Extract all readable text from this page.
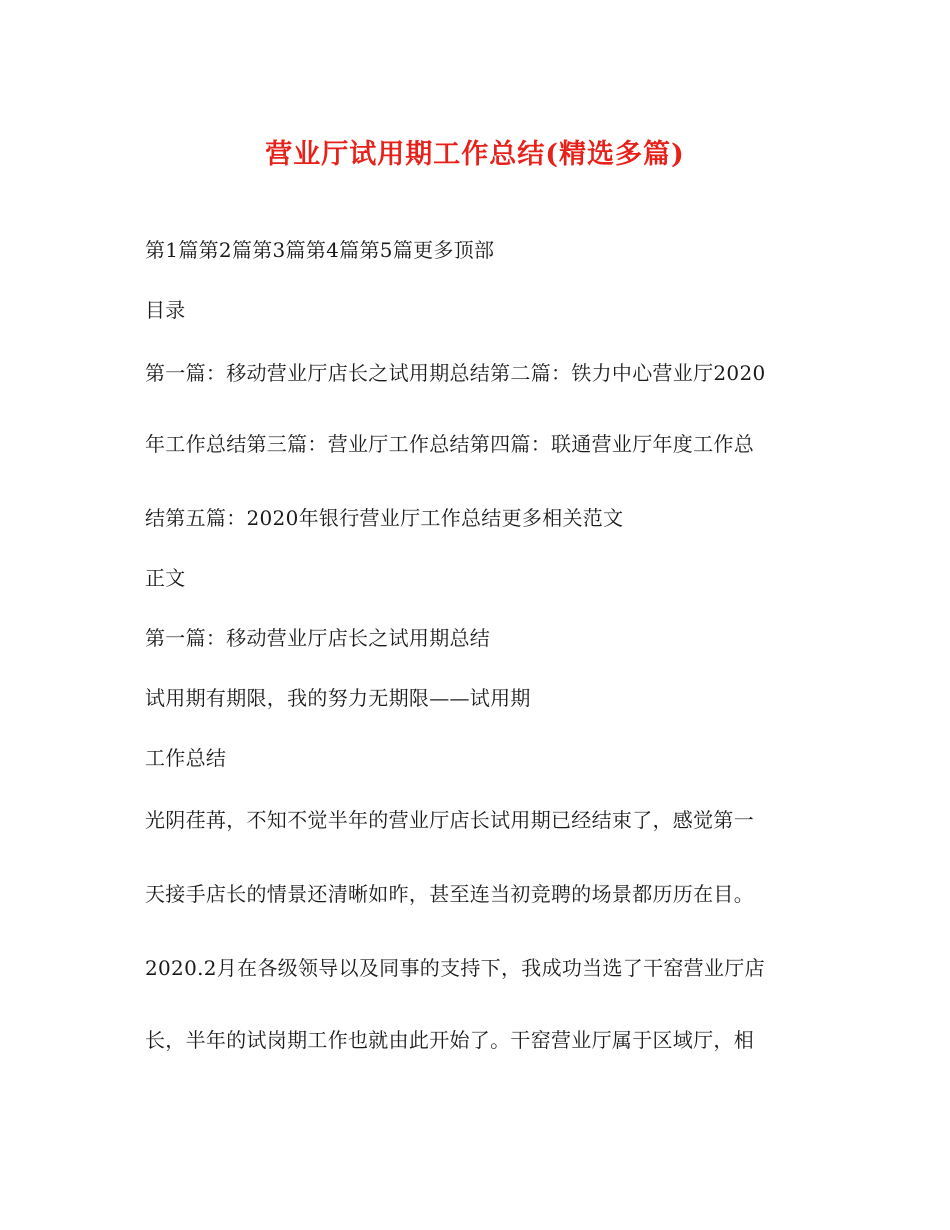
营业厅试用期工作总结(精选多篇)
第1篇第2篇第3篇第4篇第5篇更多顶部
目录
第一篇：移动营业厅店长之试用期总结第二篇：铁力中心营业厅2020
年工作总结第三篇：营业厅工作总结第四篇：联通营业厅年度工作总
结第五篇：2020年银行营业厅工作总结更多相关范文
正文
第一篇：移动营业厅店长之试用期总结
试用期有期限，我的努力无期限——试用期
工作总结
光阴荏苒，不知不觉半年的营业厅店长试用期已经结束了，感觉第一
天接手店长的情景还清晰如昨，甚至连当初竞聘的场景都历历在目。
2020.2月在各级领导以及同事的支持下，我成功当选了干窑营业厅店
长，半年的试岗期工作也就由此开始了。干窑营业厅属于区域厅，相
